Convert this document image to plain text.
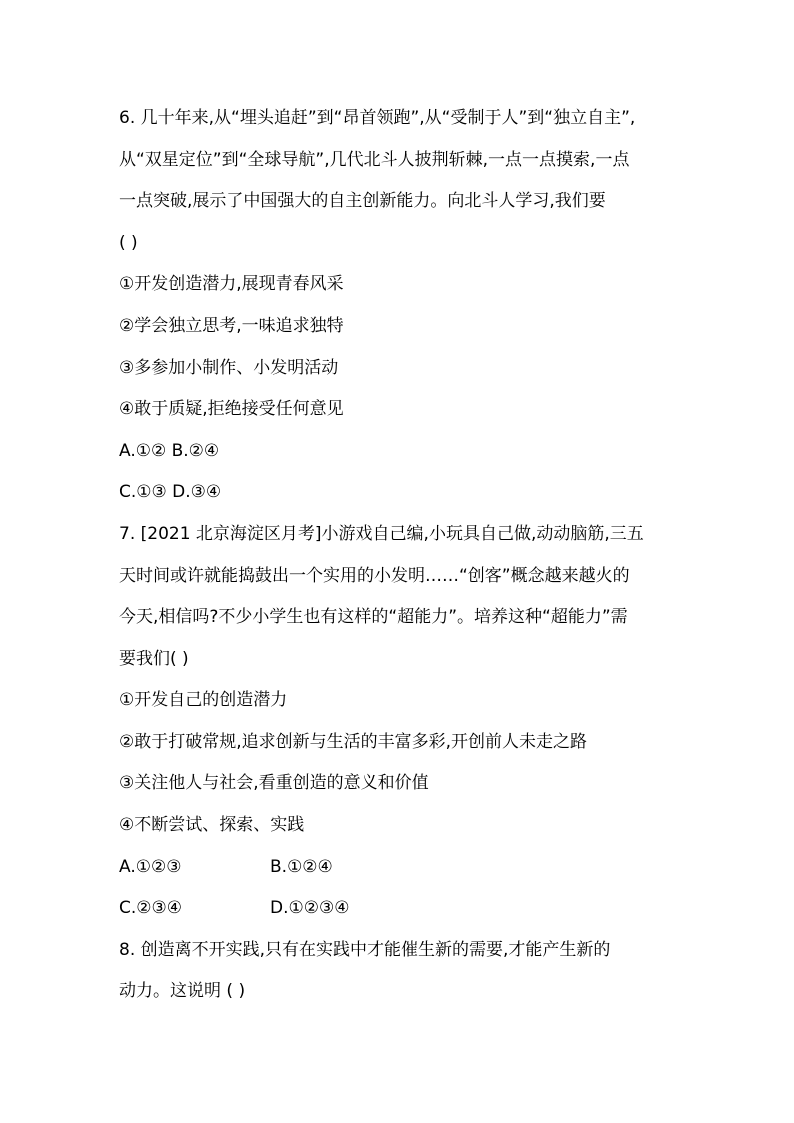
6. 几十年来,从“埋头追赶”到“昂首领跑”,从“受制于人”到“独立自主”,
从“双星定位”到“全球导航”,几代北斗人披荆斩棘,一点一点摸索,一点
一点突破,展示了中国强大的自主创新能力。向北斗人学习,我们要
( )
①开发创造潜力,展现青春风采
②学会独立思考,一味追求独特
③多参加小制作、小发明活动
④敢于质疑,拒绝接受任何意见
A.①② B.②④
C.①③ D.③④
7. [2021 北京海淀区月考]小游戏自己编,小玩具自己做,动动脑筋,三五
天时间或许就能捣鼓出一个实用的小发明……“创客”概念越来越火的
今天,相信吗?不少小学生也有这样的“超能力”。培养这种“超能力”需
要我们( )
①开发自己的创造潜力
②敢于打破常规,追求创新与生活的丰富多彩,开创前人未走之路
③关注他人与社会,看重创造的意义和价值
④不断尝试、探索、实践
A.①②③	B.①②④
C.②③④	D.①②③④
8. 创造离不开实践,只有在实践中才能催生新的需要,才能产生新的
动力。这说明 ( )
